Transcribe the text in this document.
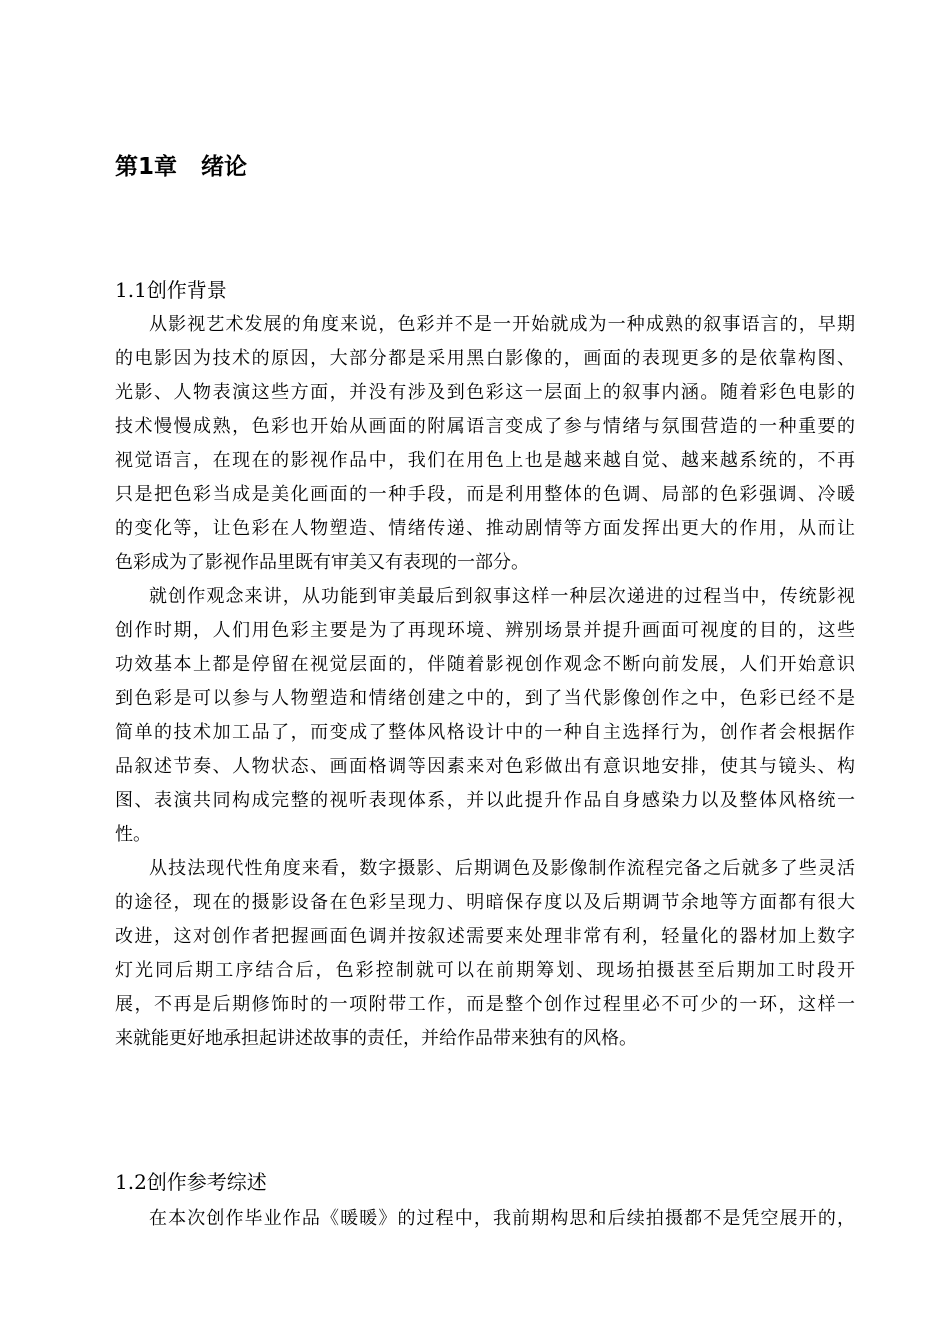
第1章   绪论
1.1创作背景

从影视艺术发展的角度来说，色彩并不是一开始就成为一种成熟的叙事语言的，早期
的电影因为技术的原因，大部分都是采用黑白影像的，画面的表现更多的是依靠构图、
光影、人物表演这些方面，并没有涉及到色彩这一层面上的叙事内涵。随着彩色电影的
技术慢慢成熟，色彩也开始从画面的附属语言变成了参与情绪与氛围营造的一种重要的
视觉语言，在现在的影视作品中，我们在用色上也是越来越自觉、越来越系统的，不再
只是把色彩当成是美化画面的一种手段，而是利用整体的色调、局部的色彩强调、冷暖
的变化等，让色彩在人物塑造、情绪传递、推动剧情等方面发挥出更大的作用，从而让
色彩成为了影视作品里既有审美又有表现的一部分。

就创作观念来讲，从功能到审美最后到叙事这样一种层次递进的过程当中，传统影视
创作时期，人们用色彩主要是为了再现环境、辨别场景并提升画面可视度的目的，这些
功效基本上都是停留在视觉层面的，伴随着影视创作观念不断向前发展，人们开始意识
到色彩是可以参与人物塑造和情绪创建之中的，到了当代影像创作之中，色彩已经不是
简单的技术加工品了，而变成了整体风格设计中的一种自主选择行为，创作者会根据作
品叙述节奏、人物状态、画面格调等因素来对色彩做出有意识地安排，使其与镜头、构
图、表演共同构成完整的视听表现体系，并以此提升作品自身感染力以及整体风格统一
性。

从技法现代性角度来看，数字摄影、后期调色及影像制作流程完备之后就多了些灵活
的途径，现在的摄影设备在色彩呈现力、明暗保存度以及后期调节余地等方面都有很大
改进，这对创作者把握画面色调并按叙述需要来处理非常有利，轻量化的器材加上数字
灯光同后期工序结合后，色彩控制就可以在前期筹划、现场拍摄甚至后期加工时段开
展，不再是后期修饰时的一项附带工作，而是整个创作过程里必不可少的一环，这样一
来就能更好地承担起讲述故事的责任，并给作品带来独有的风格。

1.2创作参考综述

在本次创作毕业作品《暖暖》的过程中，我前期构思和后续拍摄都不是凭空展开的，
